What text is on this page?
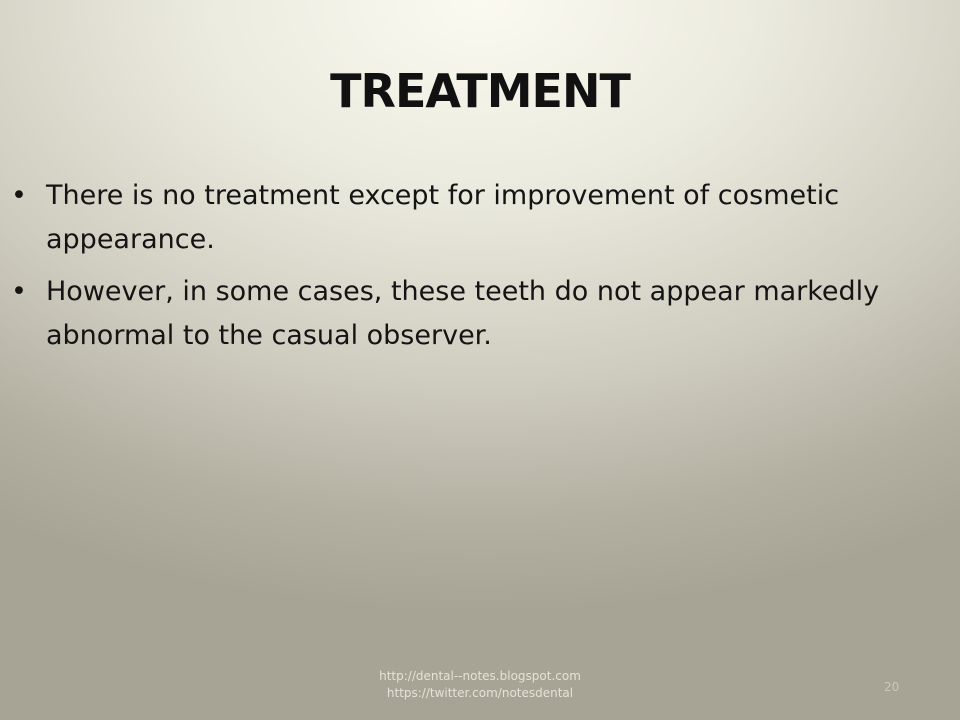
TREATMENT
• There is no treatment except for improvement of cosmetic appearance.
• However, in some cases, these teeth do not appear markedly abnormal to the casual observer.
http://dental--notes.blogspot.com
https://twitter.com/notesdental	20
